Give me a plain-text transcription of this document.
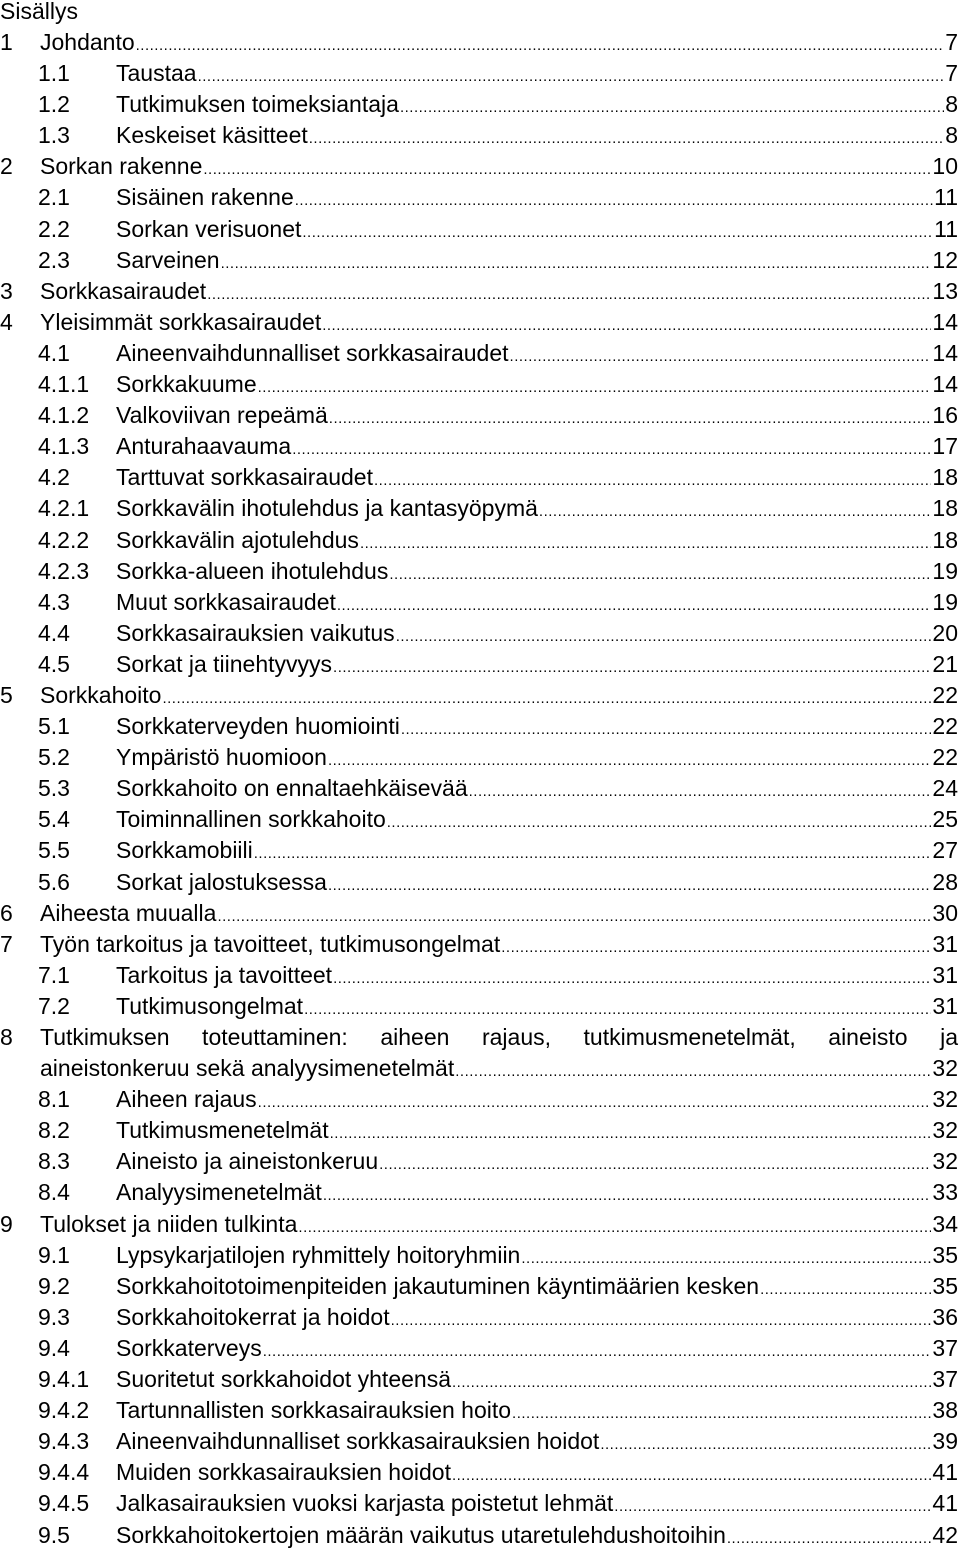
Sisällys
1	Johdanto .....	7
1.1	Taustaa .....	7
1.2	Tutkimuksen toimeksiantaja .....	8
1.3	Keskeiset käsitteet .....	8
2	Sorkan rakenne .....	10
2.1	Sisäinen rakenne .....	11
2.2	Sorkan verisuonet .....	11
2.3	Sarveinen .....	12
3	Sorkkasairaudet .....	13
4	Yleisimmät sorkkasairaudet .....	14
4.1	Aineenvaihdunnalliset sorkkasairaudet .....	14
4.1.1	Sorkkakuume .....	14
4.1.2	Valkoviivan repeämä .....	16
4.1.3	Anturahaavauma .....	17
4.2	Tarttuvat sorkkasairaudet .....	18
4.2.1	Sorkkavälin ihotulehdus ja kantasyöpymä .....	18
4.2.2	Sorkkavälin ajotulehdus .....	18
4.2.3	Sorkka-alueen ihotulehdus .....	19
4.3	Muut sorkkasairaudet .....	19
4.4	Sorkkasairauksien vaikutus .....	20
4.5	Sorkat ja tiinehtyvyys .....	21
5	Sorkkahoito .....	22
5.1	Sorkkaterveyden huomiointi .....	22
5.2	Ympäristö huomioon .....	22
5.3	Sorkkahoito on ennaltaehkäisevää .....	24
5.4	Toiminnallinen sorkkahoito .....	25
5.5	Sorkkamobiili .....	27
5.6	Sorkat jalostuksessa .....	28
6	Aiheesta muualla .....	30
7	Työn tarkoitus ja tavoitteet, tutkimusongelmat .....	31
7.1	Tarkoitus ja tavoitteet .....	31
7.2	Tutkimusongelmat .....	31
8	Tutkimuksen toteuttaminen: aiheen rajaus, tutkimusmenetelmät, aineisto ja
aineistonkeruu sekä analyysimenetelmät .....	32
8.1	Aiheen rajaus .....	32
8.2	Tutkimusmenetelmät .....	32
8.3	Aineisto ja aineistonkeruu .....	32
8.4	Analyysimenetelmät .....	33
9	Tulokset ja niiden tulkinta .....	34
9.1	Lypsykarjatilojen ryhmittely hoitoryhmiin .....	35
9.2	Sorkkahoitotoimenpiteiden jakautuminen käyntimäärien kesken .....	35
9.3	Sorkkahoitokerrat ja hoidot .....	36
9.4	Sorkkaterveys .....	37
9.4.1	Suoritetut sorkkahoidot yhteensä .....	37
9.4.2	Tartunnallisten sorkkasairauksien hoito .....	38
9.4.3	Aineenvaihdunnalliset sorkkasairauksien hoidot .....	39
9.4.4	Muiden sorkkasairauksien hoidot .....	41
9.4.5	Jalkasairauksien vuoksi karjasta poistetut lehmät .....	41
9.5	Sorkkahoitokertojen määrän vaikutus utaretulehdushoitoihin .....	42
